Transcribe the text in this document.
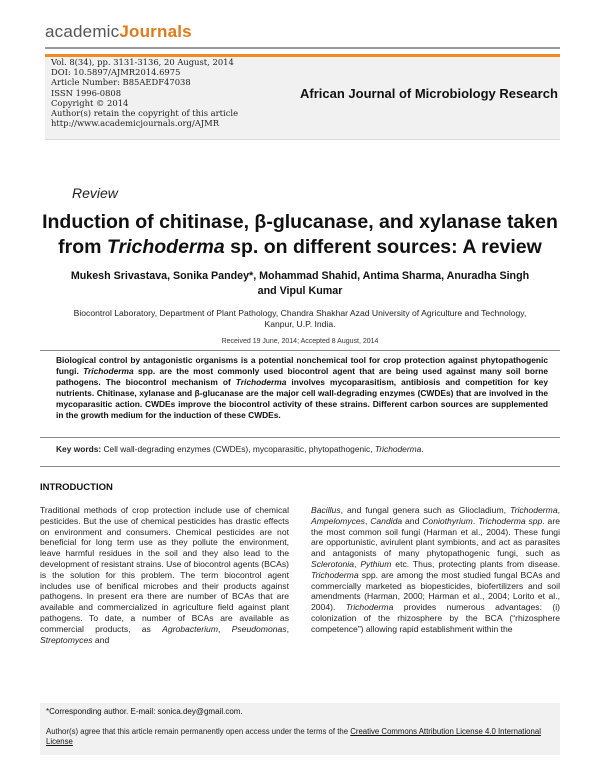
academicJournals
Vol. 8(34), pp. 3131-3136, 20 August, 2014
DOI: 10.5897/AJMR2014.6975
Article Number: B85AEDF47038
ISSN 1996-0808
Copyright © 2014
Author(s) retain the copyright of this article
http://www.academicjournals.org/AJMR
African Journal of Microbiology Research
Review
Induction of chitinase, β-glucanase, and xylanase taken from Trichoderma sp. on different sources: A review
Mukesh Srivastava, Sonika Pandey*, Mohammad Shahid, Antima Sharma, Anuradha Singh
and Vipul Kumar
Biocontrol Laboratory, Department of Plant Pathology, Chandra Shakhar Azad University of Agriculture and Technology,
Kanpur, U.P. India.
Received 19 June, 2014; Accepted 8 August, 2014
Biological control by antagonistic organisms is a potential nonchemical tool for crop protection against phytopathogenic fungi. Trichoderma spp. are the most commonly used biocontrol agent that are being used against many soil borne pathogens. The biocontrol mechanism of Trichoderma involves mycoparasitism, antibiosis and competition for key nutrients. Chitinase, xylanase and β-glucanase are the major cell wall-degrading enzymes (CWDEs) that are involved in the mycoparasitic action. CWDEs improve the biocontrol activity of these strains. Different carbon sources are supplemented in the growth medium for the induction of these CWDEs.
Key words: Cell wall-degrading enzymes (CWDEs), mycoparasitic, phytopathogenic, Trichoderma.
INTRODUCTION
Traditional methods of crop protection include use of chemical pesticides. But the use of chemical pesticides has drastic effects on environment and consumers. Chemical pesticides are not beneficial for long term use as they pollute the environment, leave harmful residues in the soil and they also lead to the development of resistant strains. Use of biocontrol agents (BCAs) is the solution for this problem. The term biocontrol agent includes use of benifical microbes and their products against pathogens. In present era there are number of BCAs that are available and commercialized in agriculture field against plant pathogens. To date, a number of BCAs are available as commercial products, as Agrobacterium, Pseudomonas, Streptomyces and
Bacillus, and fungal genera such as Gliocladium, Trichoderma, Ampelomyces, Candida and Coniothyrium. Trichoderma spp. are the most common soil fungi (Harman et al., 2004). These fungi are opportunistic, avirulent plant symbionts, and act as parasites and antagonists of many phytopathogenic fungi, such as Sclerotonia, Pythium etc. Thus, protecting plants from disease. Trichoderma spp. are among the most studied fungal BCAs and commercially marketed as biopesticides, biofertilizers and soil amendments (Harman, 2000; Harman et al., 2004; Lorito et al., 2004). Trichoderma provides numerous advantages: (i) colonization of the rhizosphere by the BCA (“rhizosphere competence”) allowing rapid establishment within the
*Corresponding author. E-mail: sonica.dey@gmail.com.
Author(s) agree that this article remain permanently open access under the terms of the Creative Commons Attribution License 4.0 International License
